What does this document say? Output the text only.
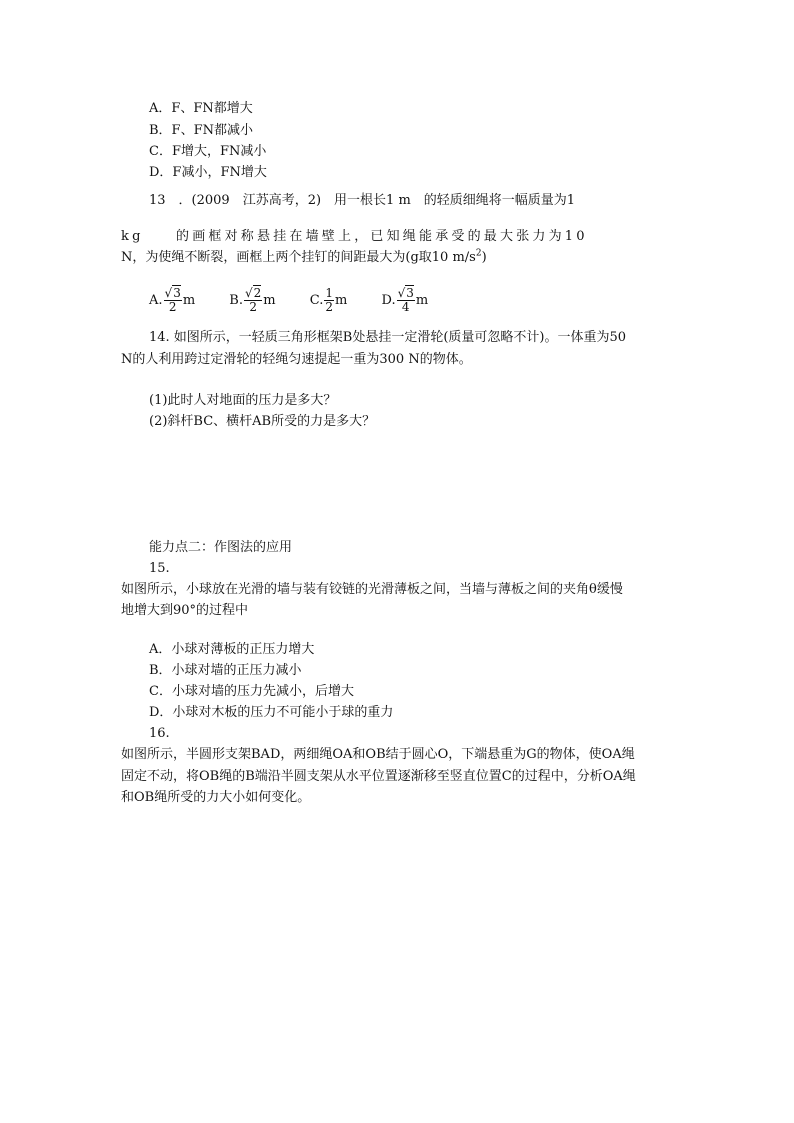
A．F、FN都增大
B．F、FN都减小
C．F增大，FN减小
D．F减小，FN增大
13　．(2009　江苏高考，2)　用一根长1 m　的轻质细绳将一幅质量为1
kg　　的画框对称悬挂在墙壁上，已知绳能承受的最大张力为10
N，为使绳不断裂，画框上两个挂钉的间距最大为(g取10 $m/s^2$)
A. $\frac{√3}{2}$ m	B. $\frac{√2}{2}$ m	C. $\frac{1}{2}$ m	D. $\frac{√3}{4}$ m
14. 如图所示，一轻质三角形框架B处悬挂一定滑轮(质量可忽略不计)。一体重为50
N的人利用跨过定滑轮的轻绳匀速提起一重为300 N的物体。
(1)此时人对地面的压力是多大？
(2)斜杆BC、横杆AB所受的力是多大？
能力点二：作图法的应用
15.
如图所示，小球放在光滑的墙与装有铰链的光滑薄板之间，当墙与薄板之间的夹角θ缓慢
地增大到90°的过程中
A．小球对薄板的正压力增大
B．小球对墙的正压力减小
C．小球对墙的压力先减小，后增大
D．小球对木板的压力不可能小于球的重力
16.
如图所示，半圆形支架BAD，两细绳OA和OB结于圆心O，下端悬重为G的物体，使OA绳
固定不动，将OB绳的B端沿半圆支架从水平位置逐渐移至竖直位置C的过程中，分析OA绳
和OB绳所受的力大小如何变化。
